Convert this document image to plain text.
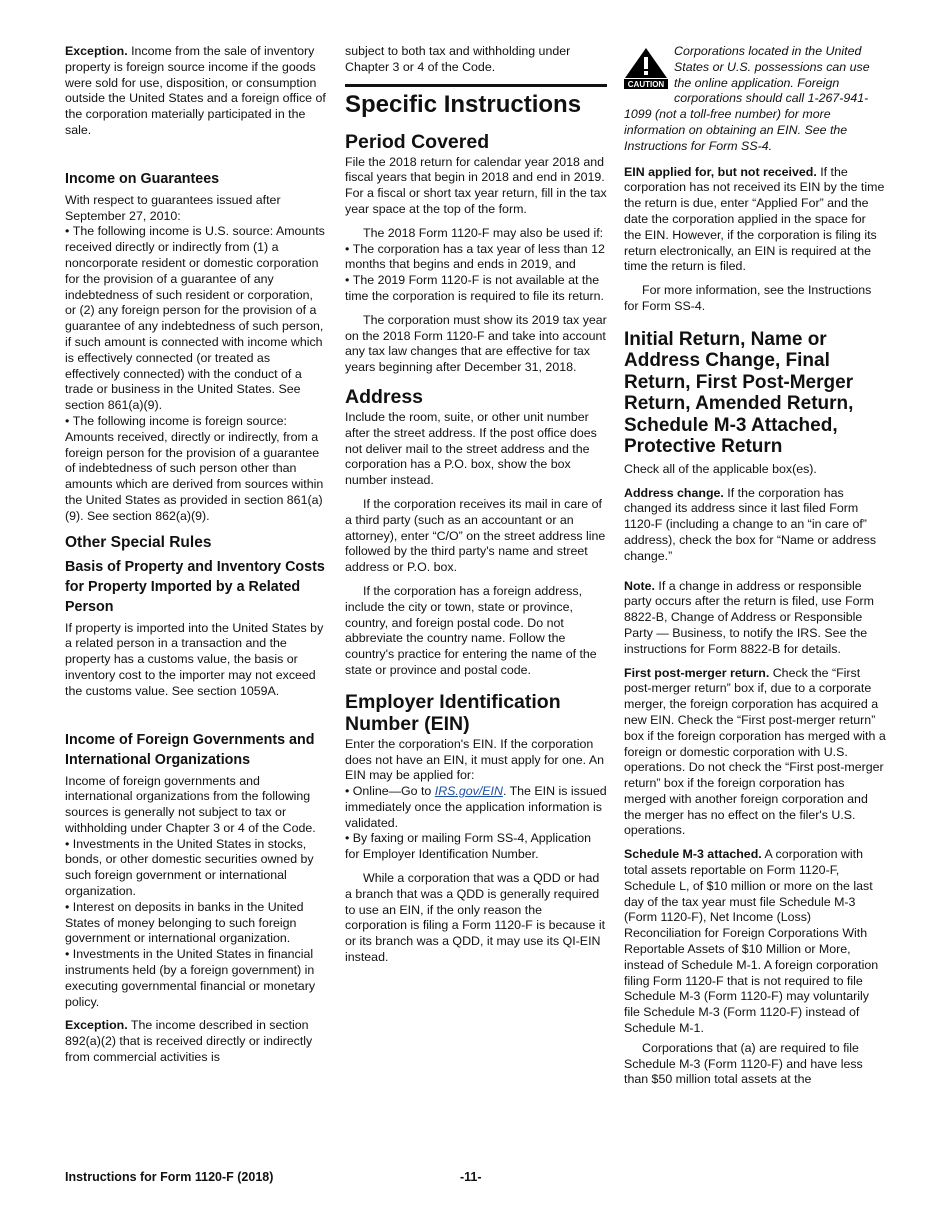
Exception. Income from the sale of inventory property is foreign source income if the goods were sold for use, disposition, or consumption outside the United States and a foreign office of the corporation materially participated in the sale.

Income on Guarantees

With respect to guarantees issued after September 27, 2010:

• The following income is U.S. source: Amounts received directly or indirectly from (1) a noncorporate resident or domestic corporation for the provision of a guarantee of any indebtedness of such resident or corporation, or (2) any foreign person for the provision of a guarantee of any indebtedness of such person, if such amount is connected with income which is effectively connected (or treated as effectively connected) with the conduct of a trade or business in the United States. See section 861(a)(9).

• The following income is foreign source: Amounts received, directly or indirectly, from a foreign person for the provision of a guarantee of indebtedness of such person other than amounts which are derived from sources within the United States as provided in section 861(a)(9). See section 862(a)(9).

Other Special Rules
Basis of Property and Inventory Costs for Property Imported by a Related Person

If property is imported into the United States by a related person in a transaction and the property has a customs value, the basis or inventory cost to the importer may not exceed the customs value. See section 1059A.

Income of Foreign Governments and International Organizations

Income of foreign governments and international organizations from the following sources is generally not subject to tax or withholding under Chapter 3 or 4 of the Code.

• Investments in the United States in stocks, bonds, or other domestic securities owned by such foreign government or international organization.

• Interest on deposits in banks in the United States of money belonging to such foreign government or international organization.

• Investments in the United States in financial instruments held (by a foreign government) in executing governmental financial or monetary policy.

Exception. The income described in section 892(a)(2) that is received directly or indirectly from commercial activities is

subject to both tax and withholding under Chapter 3 or 4 of the Code.

Specific Instructions
Period Covered

File the 2018 return for calendar year 2018 and fiscal years that begin in 2018 and end in 2019. For a fiscal or short tax year return, fill in the tax year space at the top of the form.

The 2018 Form 1120-F may also be used if:

• The corporation has a tax year of less than 12 months that begins and ends in 2019, and

• The 2019 Form 1120-F is not available at the time the corporation is required to file its return.

The corporation must show its 2019 tax year on the 2018 Form 1120-F and take into account any tax law changes that are effective for tax years beginning after December 31, 2018.

Address

Include the room, suite, or other unit number after the street address. If the post office does not deliver mail to the street address and the corporation has a P.O. box, show the box number instead.

If the corporation receives its mail in care of a third party (such as an accountant or an attorney), enter “C/O” on the street address line followed by the third party's name and street address or P.O. box.

If the corporation has a foreign address, include the city or town, state or province, country, and foreign postal code. Do not abbreviate the country name. Follow the country's practice for entering the name of the state or province and postal code.

Employer Identification Number (EIN)

Enter the corporation's EIN. If the corporation does not have an EIN, it must apply for one. An EIN may be applied for:

• Online—Go to IRS.gov/EIN. The EIN is issued immediately once the application information is validated.

• By faxing or mailing Form SS-4, Application for Employer Identification Number.

While a corporation that was a QDD or had a branch that was a QDD is generally required to use an EIN, if the only reason the corporation is filing a Form 1120-F is because it or its branch was a QDD, it may use its QI-EIN instead.

CAUTION

Corporations located in the United States or U.S. possessions can use the online application. Foreign corporations should call 1-267-941-1099 (not a toll-free number) for more information on obtaining an EIN. See the Instructions for Form SS-4.

EIN applied for, but not received. If the corporation has not received its EIN by the time the return is due, enter “Applied For” and the date the corporation applied in the space for the EIN. However, if the corporation is filing its return electronically, an EIN is required at the time the return is filed.

For more information, see the Instructions for Form SS-4.

Initial Return, Name or Address Change, Final Return, First Post-Merger Return, Amended Return, Schedule M-3 Attached, Protective Return

Check all of the applicable box(es).

Address change. If the corporation has changed its address since it last filed Form 1120-F (including a change to an “in care of” address), check the box for “Name or address change.”

Note. If a change in address or responsible party occurs after the return is filed, use Form 8822-B, Change of Address or Responsible Party — Business, to notify the IRS. See the instructions for Form 8822-B for details.

First post-merger return. Check the “First post-merger return” box if, due to a corporate merger, the foreign corporation has acquired a new EIN. Check the “First post-merger return” box if the foreign corporation has merged with a foreign or domestic corporation with U.S. operations. Do not check the “First post-merger return” box if the foreign corporation has merged with another foreign corporation and the merger has no effect on the filer's U.S. operations.

Schedule M-3 attached. A corporation with total assets reportable on Form 1120-F, Schedule L, of $10 million or more on the last day of the tax year must file Schedule M-3 (Form 1120-F), Net Income (Loss) Reconciliation for Foreign Corporations With Reportable Assets of $10 Million or More, instead of Schedule M-1. A foreign corporation filing Form 1120-F that is not required to file Schedule M-3 (Form 1120-F) may voluntarily file Schedule M-3 (Form 1120-F) instead of Schedule M-1.

Corporations that (a) are required to file Schedule M-3 (Form 1120-F) and have less than $50 million total assets at the

Instructions for Form 1120-F (2018)	-11-
